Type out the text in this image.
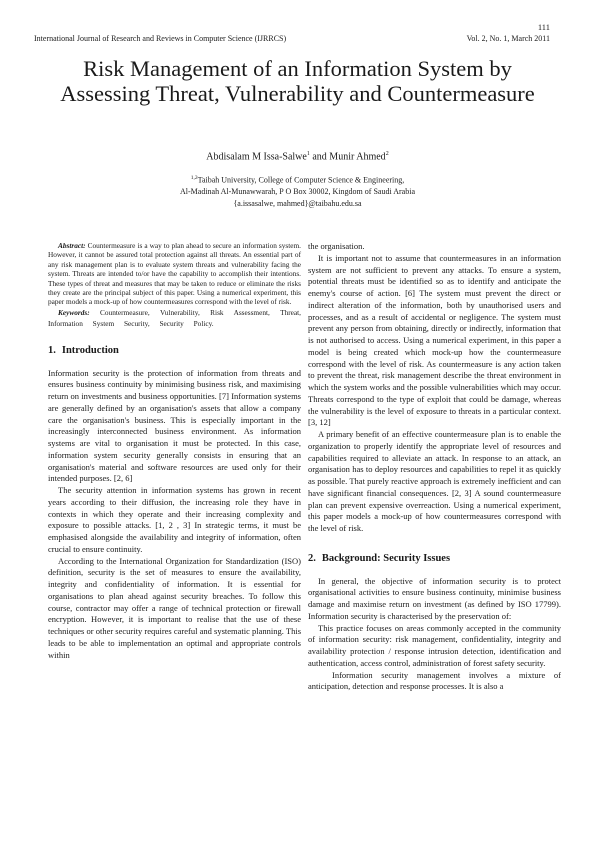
111
International Journal of Research and Reviews in Computer Science (IJRRCS)	Vol. 2, No. 1, March 2011
Risk Management of an Information System by Assessing Threat, Vulnerability and Countermeasure
Abdisalam M Issa-Salwe$^1$ and Munir Ahmed$^2$
$^{1,2}$Taibah University, College of Computer Science & Engineering,
Al-Madinah Al-Munawwarah, P O Box 30002, Kingdom of Saudi Arabia
{a.issasalwe, mahmed}@taibahu.edu.sa

Abstract: Countermeasure is a way to plan ahead to secure an information system. However, it cannot be assured total protection against all threats. An essential part of any risk management plan is to evaluate system threats and vulnerability facing the system. Threats are intended to/or have the capability to accomplish their intentions. These types of threat and measures that may be taken to reduce or eliminate the risks they create are the principal subject of this paper. Using a numerical experiment, this paper models a mock-up of how countermeasures correspond with the level of risk.

Keywords: Countermeasure, Vulnerability, Risk Assessment, Threat, Information System Security, Security Policy.

1. Introduction

Information security is the protection of information from threats and ensures business continuity by minimising business risk, and maximising return on investments and business opportunities. [7] Information systems are generally defined by an organisation's assets that allow a company care the organisation's business. This is especially important in the increasingly interconnected business environment. As information systems are vital to organisation it must be protected. In this case, information system security generally consists in ensuring that an organisation's material and software resources are used only for their intended purposes. [2, 6]

The security attention in information systems has grown in recent years according to their diffusion, the increasing role they have in contexts in which they operate and their increasing complexity and exposure to possible attacks. [1, 2 , 3] In strategic terms, it must be emphasised alongside the availability and integrity of information, often crucial to ensure continuity.

According to the International Organization for Standardization (ISO) definition, security is the set of measures to ensure the availability, integrity and confidentiality of information. It is essential for organisations to plan ahead against security breaches. To follow this course, contractor may offer a range of technical protection or firewall encryption. However, it is important to realise that the use of these techniques or other security requires careful and systematic planning. This leads to be able to implementation an optimal and appropriate controls within

the organisation.

It is important not to assume that countermeasures in an information system are not sufficient to prevent any attacks. To ensure a system, potential threats must be identified so as to identify and anticipate the enemy's course of action. [6] The system must prevent the direct or indirect alteration of the information, both by unauthorised users and processes, and as a result of accidental or negligence. The system must prevent any person from obtaining, directly or indirectly, information that is not authorised to access. Using a numerical experiment, in this paper a model is being created which mock-up how the countermeasure correspond with the level of risk. As countermeasure is any action taken to prevent the threat, risk management describe the threat environment in which the system works and the possible vulnerabilities which may occur. Threats correspond to the type of exploit that could be damage, whereas the vulnerability is the level of exposure to threats in a particular context. [3, 12]

A primary benefit of an effective countermeasure plan is to enable the organization to properly identify the appropriate level of resources and capabilities required to alleviate an attack. In response to an attack, an organisation has to deploy resources and capabilities to repel it as quickly as possible. That purely reactive approach is extremely inefficient and can have significant financial consequences. [2, 3] A sound countermeasure plan can prevent expensive overreaction. Using a numerical experiment, this paper models a mock-up of how countermeasures correspond with the level of risk.

2. Background: Security Issues

In general, the objective of information security is to protect organisational activities to ensure business continuity, minimise business damage and maximise return on investment (as defined by ISO 17799). Information security is characterised by the preservation of:

This practice focuses on areas commonly accepted in the community of information security: risk management, confidentiality, integrity and availability protection / response intrusion detection, identification and authentication, access control, administration of forest safety security.

Information security management involves a mixture of anticipation, detection and response processes. It is also a
